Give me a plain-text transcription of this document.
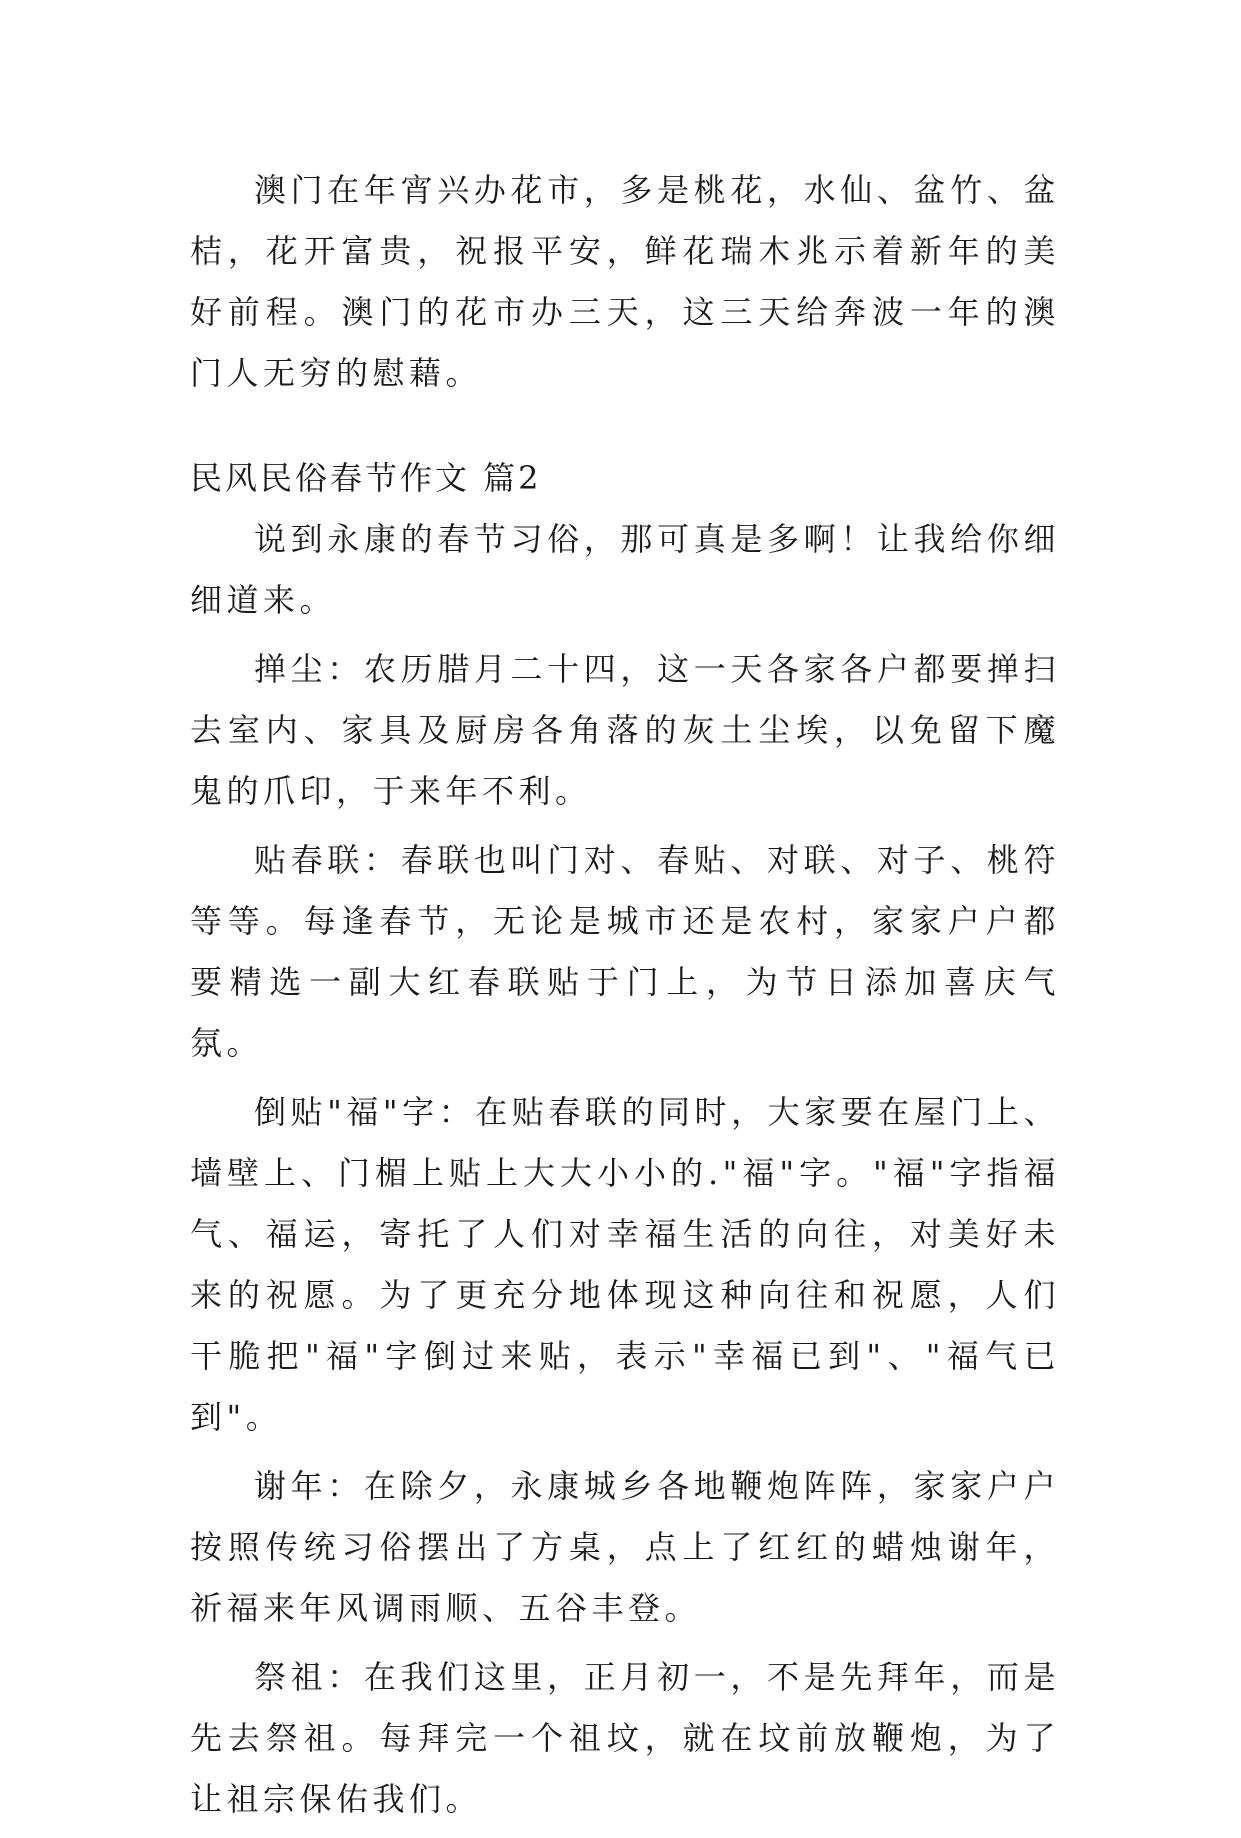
澳门在年宵兴办花市，多是桃花，水仙、盆竹、盆桔，花开富贵，祝报平安，鲜花瑞木兆示着新年的美好前程。澳门的花市办三天，这三天给奔波一年的澳门人无穷的慰藉。

民风民俗春节作文 篇2

说到永康的春节习俗，那可真是多啊！让我给你细细道来。

掸尘：农历腊月二十四，这一天各家各户都要掸扫去室内、家具及厨房各角落的灰土尘埃，以免留下魔鬼的爪印，于来年不利。

贴春联：春联也叫门对、春贴、对联、对子、桃符等等。每逢春节，无论是城市还是农村，家家户户都要精选一副大红春联贴于门上，为节日添加喜庆气氛。

倒贴"福"字：在贴春联的同时，大家要在屋门上、墙壁上、门楣上贴上大大小小的."福"字。"福"字指福气、福运，寄托了人们对幸福生活的向往，对美好未来的祝愿。为了更充分地体现这种向往和祝愿，人们干脆把"福"字倒过来贴，表示"幸福已到"、"福气已到"。

谢年：在除夕，永康城乡各地鞭炮阵阵，家家户户按照传统习俗摆出了方桌，点上了红红的蜡烛谢年，祈福来年风调雨顺、五谷丰登。

祭祖：在我们这里，正月初一，不是先拜年，而是先去祭祖。每拜完一个祖坟，就在坟前放鞭炮，为了让祖宗保佑我们。
